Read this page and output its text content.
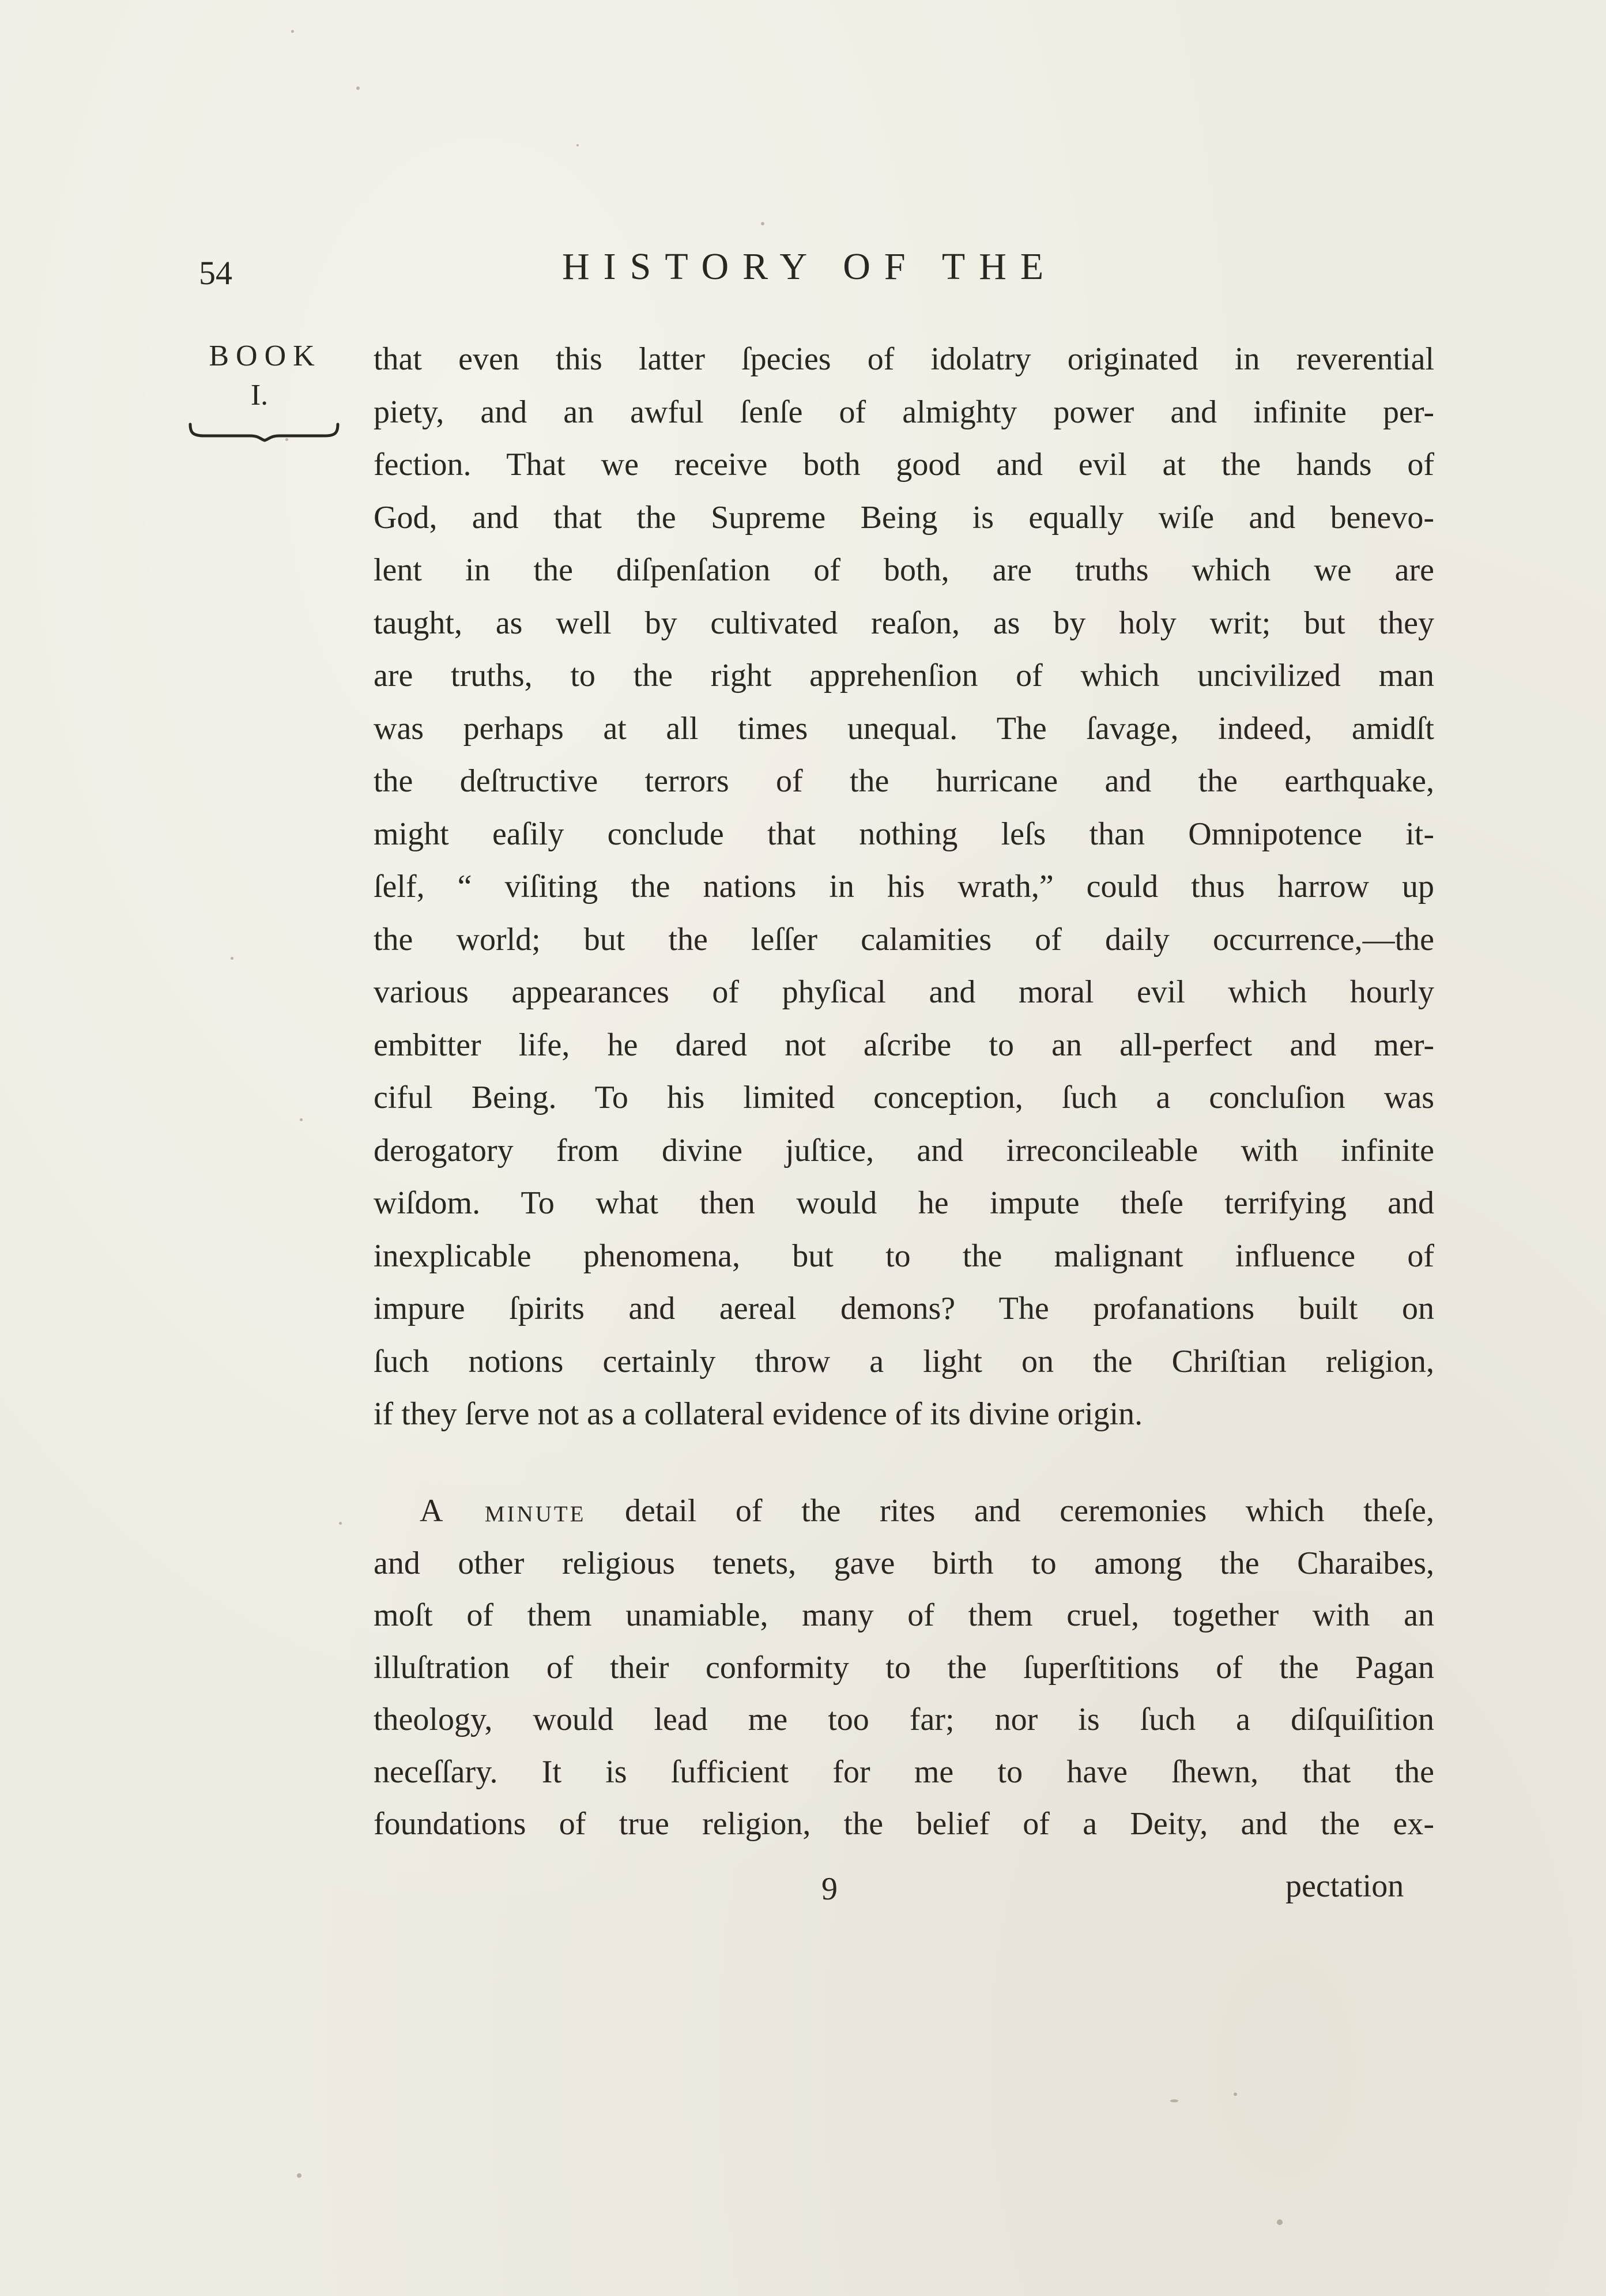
54	HISTORY OF THE
BOOK
I.
that even this latter ſpecies of idolatry originated in reverential
piety, and an awful ſenſe of almighty power and infinite per-
fection. That we receive both good and evil at the hands of
God, and that the Supreme Being is equally wiſe and benevo-
lent in the diſpenſation of both, are truths which we are
taught, as well by cultivated reaſon, as by holy writ; but they
are truths, to the right apprehenſion of which uncivilized man
was perhaps at all times unequal. The ſavage, indeed, amidſt
the deſtructive terrors of the hurricane and the earthquake,
might eaſily conclude that nothing leſs than Omnipotence it-
ſelf, “ viſiting the nations in his wrath,” could thus harrow up
the world; but the leſſer calamities of daily occurrence,—the
various appearances of phyſical and moral evil which hourly
embitter life, he dared not aſcribe to an all-perfect and mer-
ciful Being. To his limited conception, ſuch a concluſion was
derogatory from divine juſtice, and irreconcileable with infinite
wiſdom. To what then would he impute theſe terrifying and
inexplicable phenomena, but to the malignant influence of
impure ſpirits and aereal demons? The profanations built on
ſuch notions certainly throw a light on the Chriſtian religion,
if they ſerve not as a collateral evidence of its divine origin.
A minute detail of the rites and ceremonies which theſe,
and other religious tenets, gave birth to among the Charaibes,
moſt of them unamiable, many of them cruel, together with an
illuſtration of their conformity to the ſuperſtitions of the Pagan
theology, would lead me too far; nor is ſuch a diſquiſition
neceſſary. It is ſufficient for me to have ſhewn, that the
foundations of true religion, the belief of a Deity, and the ex-
9	pectation
